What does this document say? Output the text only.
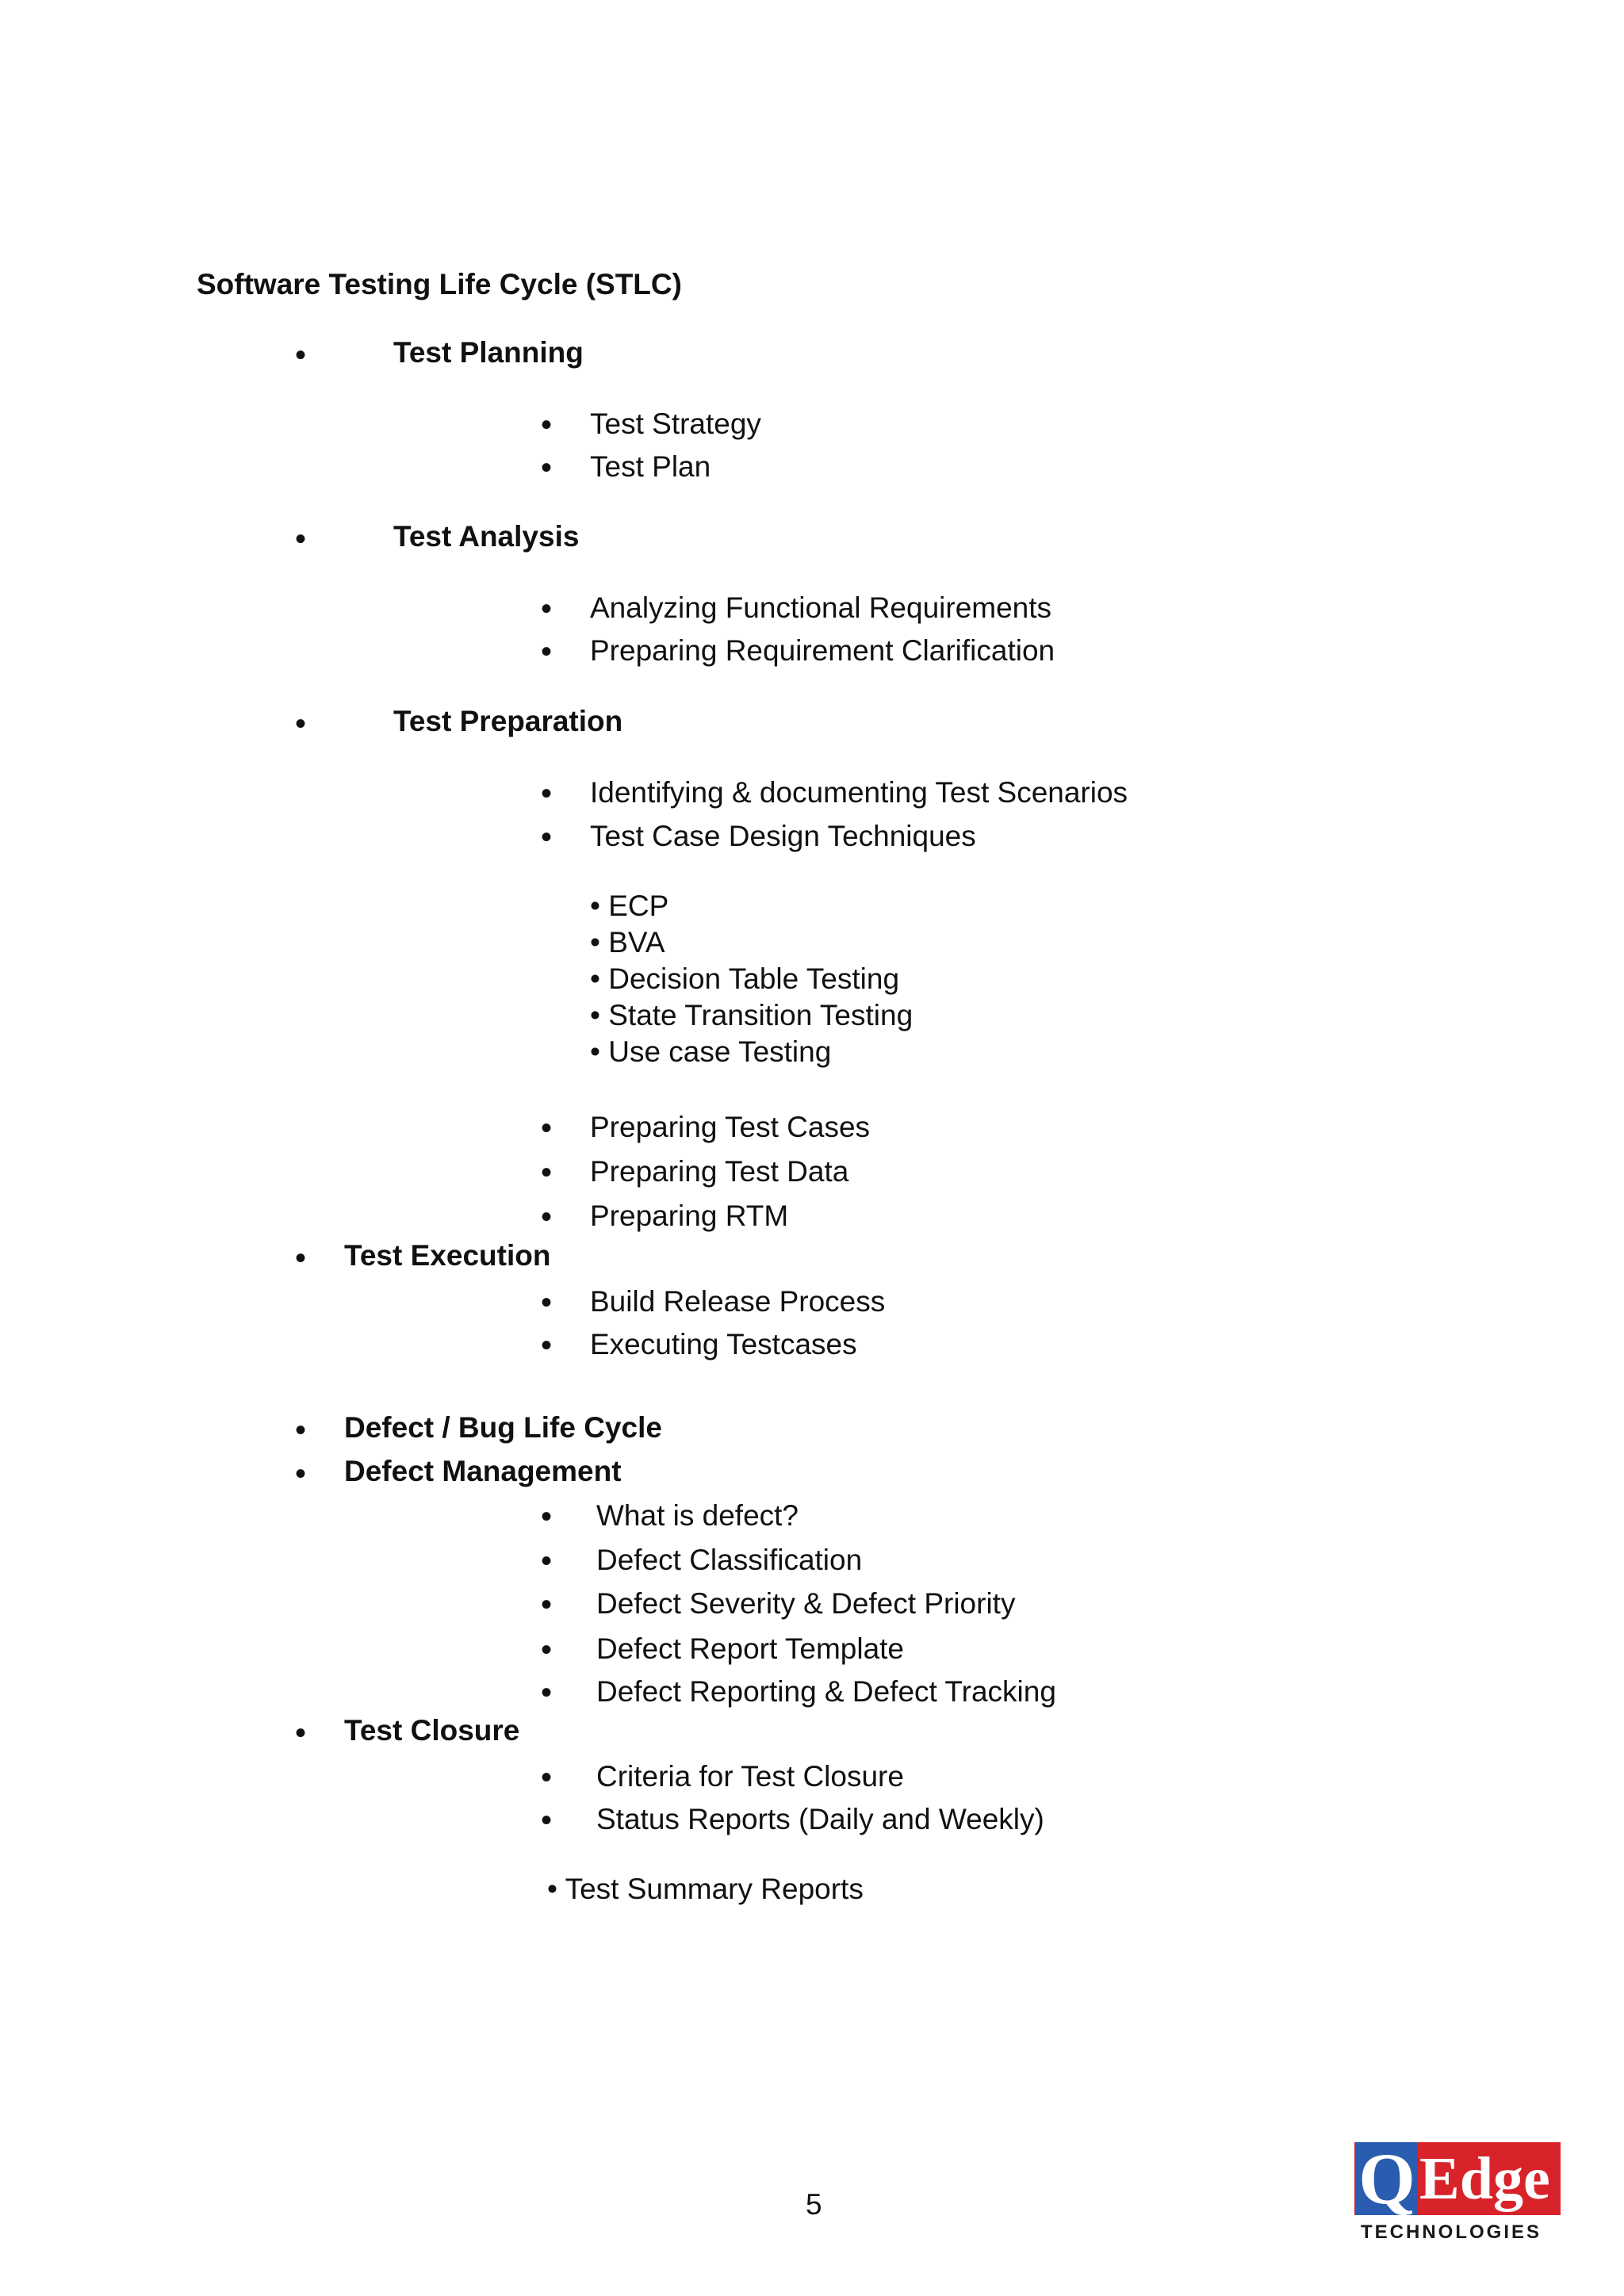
Software Testing Life Cycle (STLC)
•	Test Planning
• Test Strategy
• Test Plan
•	Test Analysis
• Analyzing Functional Requirements
• Preparing Requirement Clarification
•	Test Preparation
• Identifying & documenting Test Scenarios
• Test Case Design Techniques
• ECP
• BVA
• Decision Table Testing
• State Transition Testing
• Use case Testing
• Preparing Test Cases
• Preparing Test Data
• Preparing RTM
• Test Execution
• Build Release Process
• Executing Testcases
• Defect / Bug Life Cycle
• Defect Management
• What is defect?
• Defect Classification
• Defect Severity & Defect Priority
• Defect Report Template
• Defect Reporting & Defect Tracking
• Test Closure
• Criteria for Test Closure
• Status Reports (Daily and Weekly)
• Test Summary Reports
5	Q Edge
TECHNOLOGIES
